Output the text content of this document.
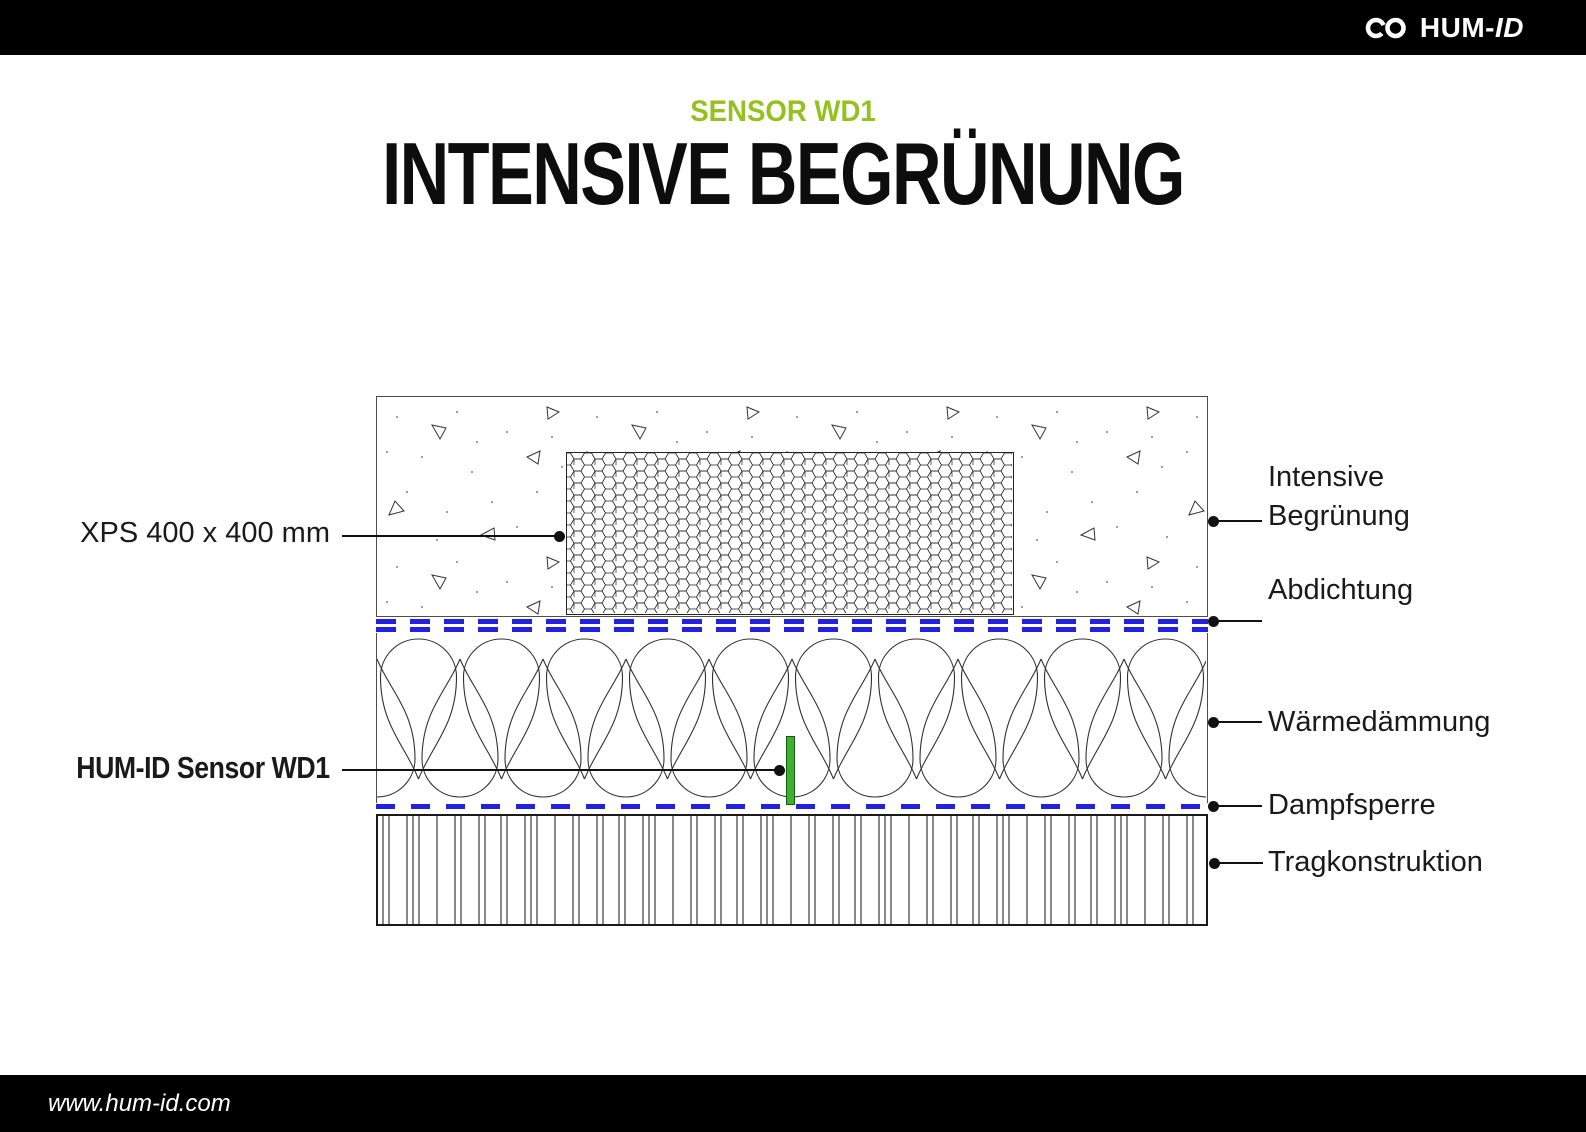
HUM-ID
SENSOR WD1
INTENSIVE BEGRÜNUNG
XPS 400 x 400 mm
HUM-ID Sensor WD1
Intensive Begrünung
Abdichtung
Wärmedämmung
Dampfsperre
Tragkonstruktion
www.hum-id.com
